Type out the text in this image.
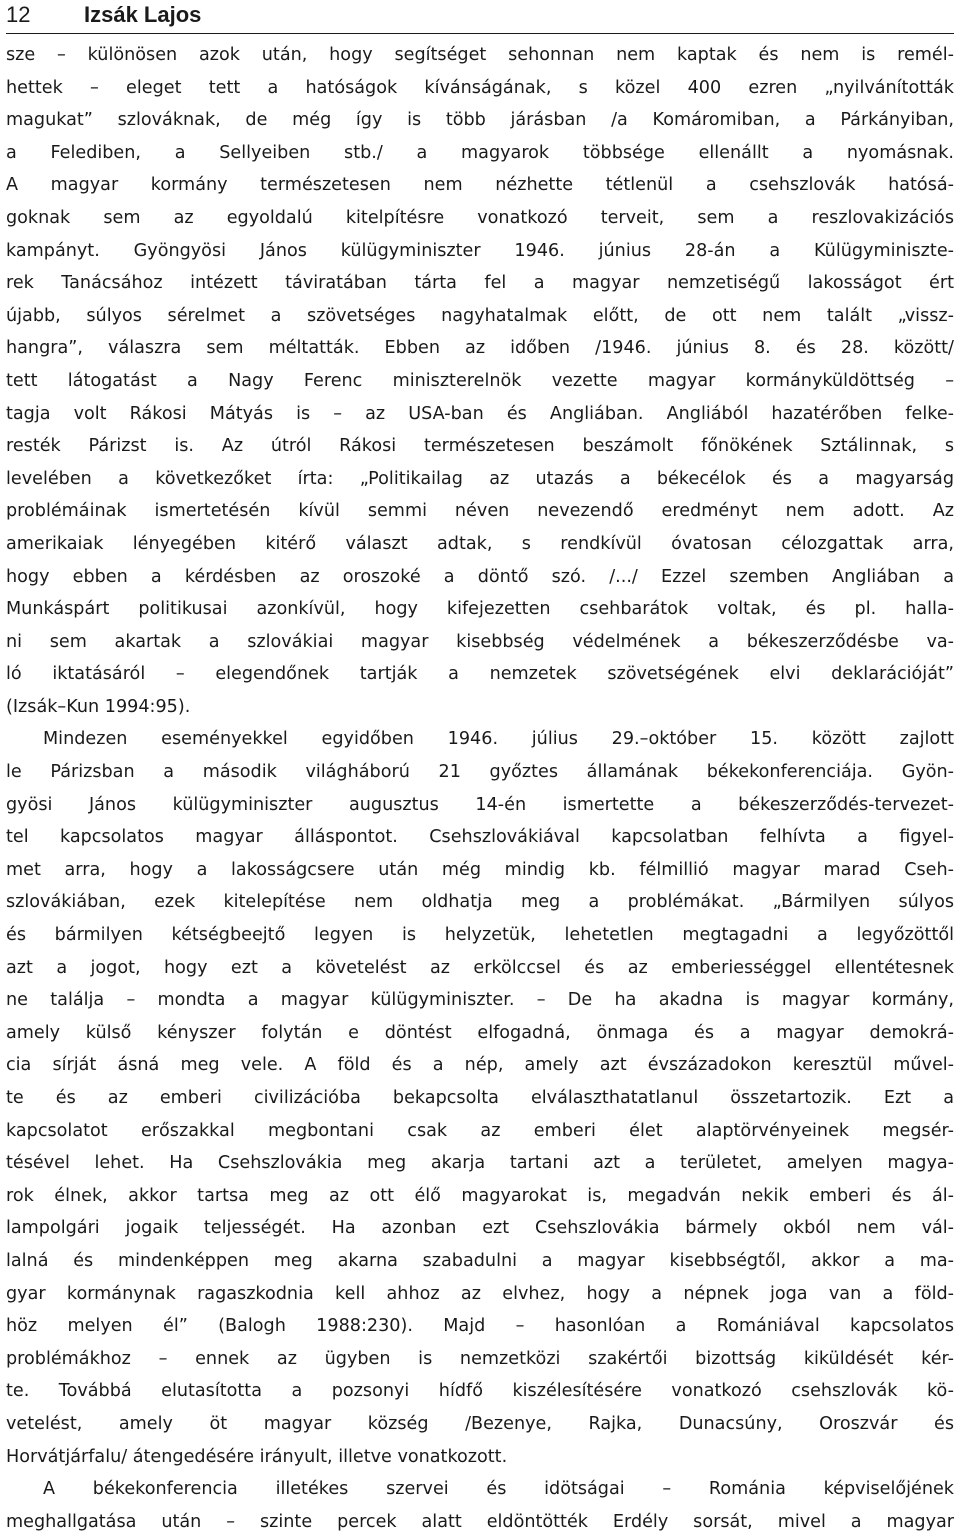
12 Izsák Lajos
sze – különösen azok után, hogy segítséget sehonnan nem kaptak és nem is remél-
hettek – eleget tett a hatóságok kívánságának, s közel 400 ezren „nyilvánították
magukat” szlováknak, de még így is több járásban /a Komáromiban, a Párkányiban,
a Felediben, a Sellyeiben stb./ a magyarok többsége ellenállt a nyomásnak.
A magyar kormány természetesen nem nézhette tétlenül a csehszlovák hatósá-
goknak sem az egyoldalú kitelpítésre vonatkozó terveit, sem a reszlovakizációs
kampányt. Gyöngyösi János külügyminiszter 1946. június 28-án a Külügyminiszte-
rek Tanácsához intézett táviratában tárta fel a magyar nemzetiségű lakosságot ért
újabb, súlyos sérelmet a szövetséges nagyhatalmak előtt, de ott nem talált „vissz-
hangra”, válaszra sem méltatták. Ebben az időben /1946. június 8. és 28. között/
tett látogatást a Nagy Ferenc miniszterelnök vezette magyar kormányküldöttség –
tagja volt Rákosi Mátyás is – az USA-ban és Angliában. Angliából hazatérőben felke-
resték Párizst is. Az útról Rákosi természetesen beszámolt főnökének Sztálinnak, s
levelében a következőket írta: „Politikailag az utazás a békecélok és a magyarság
problémáinak ismertetésén kívül semmi néven nevezendő eredményt nem adott. Az
amerikaiak lényegében kitérő választ adtak, s rendkívül óvatosan célozgattak arra,
hogy ebben a kérdésben az oroszoké a döntő szó. /.../ Ezzel szemben Angliában a
Munkáspárt politikusai azonkívül, hogy kifejezetten csehbarátok voltak, és pl. halla-
ni sem akartak a szlovákiai magyar kisebbség védelmének a békeszerződésbe va-
ló iktatásáról – elegendőnek tartják a nemzetek szövetségének elvi deklarációját”
(Izsák–Kun 1994:95).
Mindezen eseményekkel egyidőben 1946. július 29.–október 15. között zajlott
le Párizsban a második világháború 21 győztes államának békekonferenciája. Gyön-
gyösi János külügyminiszter augusztus 14-én ismertette a békeszerződés-tervezet-
tel kapcsolatos magyar álláspontot. Csehszlovákiával kapcsolatban felhívta a figyel-
met arra, hogy a lakosságcsere után még mindig kb. félmillió magyar marad Cseh-
szlovákiában, ezek kitelepítése nem oldhatja meg a problémákat. „Bármilyen súlyos
és bármilyen kétségbeejtő legyen is helyzetük, lehetetlen megtagadni a legyőzöttől
azt a jogot, hogy ezt a követelést az erkölccsel és az emberiességgel ellentétesnek
ne találja – mondta a magyar külügyminiszter. – De ha akadna is magyar kormány,
amely külső kényszer folytán e döntést elfogadná, önmaga és a magyar demokrá-
cia sírját ásná meg vele. A föld és a nép, amely azt évszázadokon keresztül művel-
te és az emberi civilizációba bekapcsolta elválaszthatatlanul összetartozik. Ezt a
kapcsolatot erőszakkal megbontani csak az emberi élet alaptörvényeinek megsér-
tésével lehet. Ha Csehszlovákia meg akarja tartani azt a területet, amelyen magya-
rok élnek, akkor tartsa meg az ott élő magyarokat is, megadván nekik emberi és ál-
lampolgári jogaik teljességét. Ha azonban ezt Csehszlovákia bármely okból nem vál-
lalná és mindenképpen meg akarna szabadulni a magyar kisebbségtől, akkor a ma-
gyar kormánynak ragaszkodnia kell ahhoz az elvhez, hogy a népnek joga van a föld-
höz melyen él” (Balogh 1988:230). Majd – hasonlóan a Romániával kapcsolatos
problémákhoz – ennek az ügyben is nemzetközi szakértői bizottság kiküldését kér-
te. Továbbá elutasította a pozsonyi hídfő kiszélesítésére vonatkozó csehszlovák kö-
vetelést, amely öt magyar község /Bezenye, Rajka, Dunacsúny, Oroszvár és
Horvátjárfalu/ átengedésére irányult, illetve vonatkozott.
A békekonferencia illetékes szervei és idötságai – Románia képviselőjének
meghallgatása után – szinte percek alatt eldöntötték Erdély sorsát, mivel a magyar
